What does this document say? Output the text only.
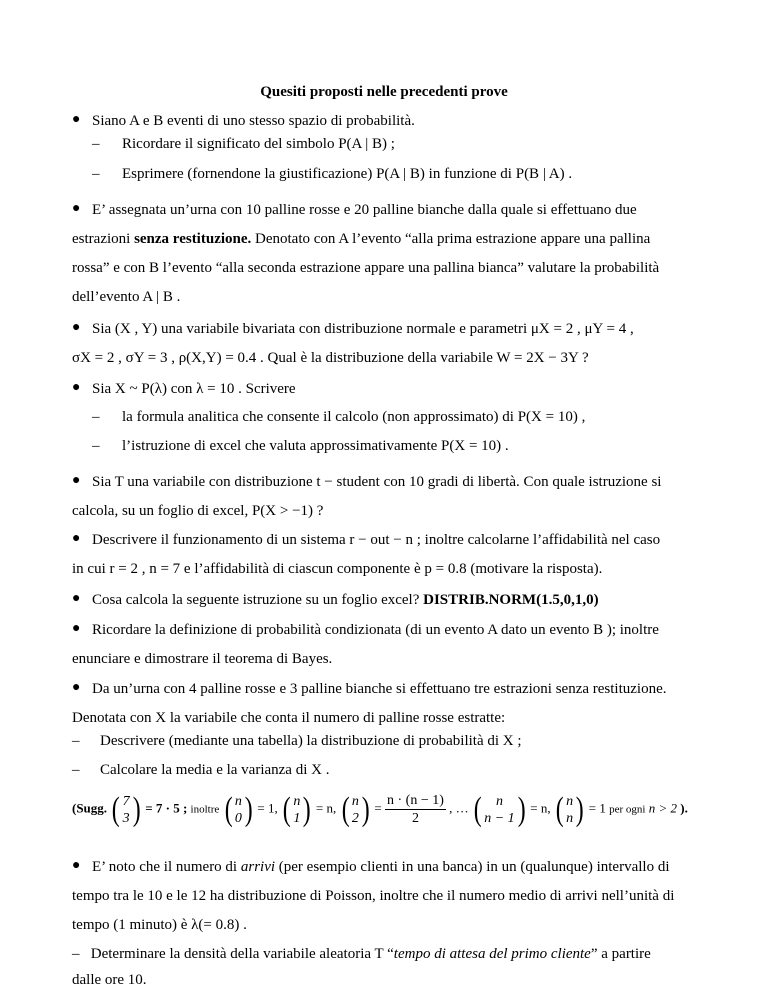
Quesiti proposti nelle precedenti prove
● Siano A e B eventi di uno stesso spazio di probabilità.
– Ricordare il significato del simbolo P(A | B) ;
– Esprimere (fornendone la giustificazione) P(A | B) in funzione di P(B | A) .
● E’ assegnata un’urna con 10 palline rosse e 20 palline bianche dalla quale si effettuano due
estrazioni senza restituzione. Denotato con A l’evento “alla prima estrazione appare una pallina
rossa” e con B l’evento “alla seconda estrazione appare una pallina bianca” valutare la probabilità
dell’evento A | B .
● Sia (X , Y) una variabile bivariata con distribuzione normale e parametri μX = 2 , μY = 4 ,
σX = 2 , σY = 3 , ρ(X,Y) = 0.4 . Qual è la distribuzione della variabile W = 2X − 3Y ?
● Sia X ~ P(λ) con λ = 10 . Scrivere
– la formula analitica che consente il calcolo (non approssimato) di P(X = 10) ,
– l’istruzione di excel che valuta approssimativamente P(X = 10) .
● Sia T una variabile con distribuzione t − student con 10 gradi di libertà. Con quale istruzione si
calcola, su un foglio di excel, P(X > −1) ?
● Descrivere il funzionamento di un sistema r − out − n ; inoltre calcolarne l’affidabilità nel caso
in cui r = 2 , n = 7 e l’affidabilità di ciascun componente è p = 0.8 (motivare la risposta).
● Cosa calcola la seguente istruzione su un foglio excel? DISTRIB.NORM(1.5,0,1,0)
● Ricordare la definizione di probabilità condizionata (di un evento A dato un evento B ); inoltre
enunciare e dimostrare il teorema di Bayes.
● Da un’urna con 4 palline rosse e 3 palline bianche si effettuano tre estrazioni senza restituzione.
Denotata con X la variabile che conta il numero di palline rosse estratte:
– Descrivere (mediante una tabella) la distribuzione di probabilità di X ;
– Calcolare la media e la varianza di X .
(Sugg. ( 7
3 ) = 7 · 5 ; inoltre ( n
0 ) = 1, ( n
1 ) = n, ( n
2 ) = $\frac{n \cdot (n - 1)}{2}$ , … ( n
n − 1 ) = n, ( n
n ) = 1 per ogni n > 2 ).
● E’ noto che il numero di arrivi (per esempio clienti in una banca) in un (qualunque) intervallo di
tempo tra le 10 e le 12 ha distribuzione di Poisson, inoltre che il numero medio di arrivi nell’unità di
tempo (1 minuto) è λ(= 0.8) .
–   Determinare la densità della variabile aleatoria T “tempo di attesa del primo cliente” a partire
dalle ore 10.
